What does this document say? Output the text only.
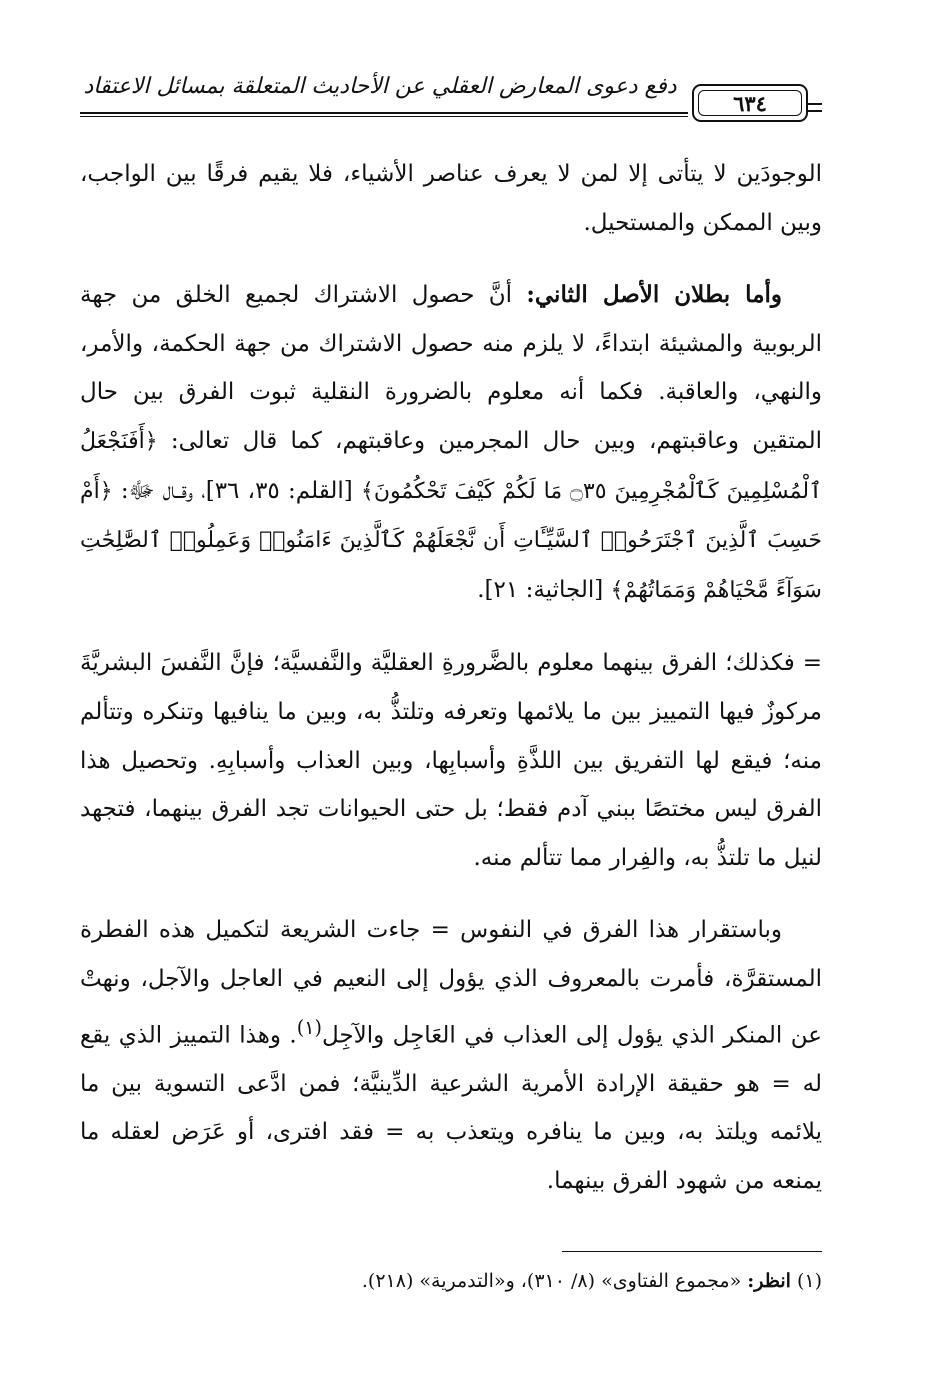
دفع دعوى المعارض العقلي عن الأحاديث المتعلقة بمسائل الاعتقاد
٦٣٤

الوجودَين لا يتأتى إلا لمن لا يعرف عناصر الأشياء، فلا يقيم فرقًا بين الواجب، وبين الممكن والمستحيل.

وأما بطلان الأصل الثاني: أنَّ حصول الاشتراك لجميع الخلق من جهة الربوبية والمشيئة ابتداءً، لا يلزم منه حصول الاشتراك من جهة الحكمة، والأمر، والنهي، والعاقبة. فكما أنه معلوم بالضرورة النقلية ثبوت الفرق بين حال المتقين وعاقبتهم، وبين حال المجرمين وعاقبتهم، كما قال تعالى: ﴿أَفَنَجْعَلُ ٱلْمُسْلِمِينَ كَٱلْمُجْرِمِينَ ۝٣٥ مَا لَكُمْ كَيْفَ تَحْكُمُونَ﴾ [القلم: ٣٥، ٣٦]، وقــال ﷻ: ﴿أَمْ حَسِبَ ٱلَّذِينَ ٱجْتَرَحُوا۟ ٱلسَّيِّـَٔاتِ أَن نَّجْعَلَهُمْ كَٱلَّذِينَ ءَامَنُوا۟ وَعَمِلُوا۟ ٱلصَّٰلِحَٰتِ سَوَآءً مَّحْيَاهُمْ وَمَمَاتُهُمْ﴾ [الجاثية: ٢١].

= فكذلك؛ الفرق بينهما معلوم بالضَّرورةِ العقليَّة والنَّفسيَّة؛ فإنَّ النَّفسَ البشريَّةَ مركوزٌ فيها التمييز بين ما يلائمها وتعرفه وتلتذُّ به، وبين ما ينافيها وتنكره وتتألم منه؛ فيقع لها التفريق بين اللذَّةِ وأسبابِها، وبين العذاب وأسبابِهِ. وتحصيل هذا الفرق ليس مختصًا ببني آدم فقط؛ بل حتى الحيوانات تجد الفرق بينهما، فتجهد لنيل ما تلتذُّ به، والفِرار مما تتألم منه.

وباستقرار هذا الفرق في النفوس = جاءت الشريعة لتكميل هذه الفطرة المستقرَّة، فأمرت بالمعروف الذي يؤول إلى النعيم في العاجل والآجل، ونهتْ عن المنكر الذي يؤول إلى العذاب في العَاجِل والآجِل$^{(١)}$. وهذا التمييز الذي يقع له = هو حقيقة الإرادة الأمرية الشرعية الدِّينيَّة؛ فمن ادَّعى التسوية بين ما يلائمه ويلتذ به، وبين ما ينافره ويتعذب به = فقد افترى، أو عَرَض لعقله ما يمنعه من شهود الفرق بينهما.

(١) انظر: «مجموع الفتاوى» (٨/ ٣١٠)، و«التدمرية» (٢١٨).
